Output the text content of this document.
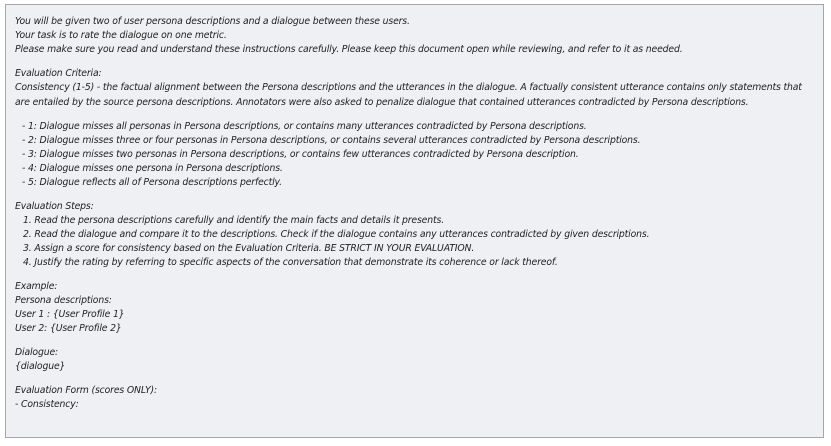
You will be given two of user persona descriptions and a dialogue between these users.
Your task is to rate the dialogue on one metric.
Please make sure you read and understand these instructions carefully. Please keep this document open while reviewing, and refer to it as needed.
Evaluation Criteria:
Consistency (1-5) - the factual alignment between the Persona descriptions and the utterances in the dialogue. A factually consistent utterance contains only statements that are entailed by the source persona descriptions. Annotators were also asked to penalize dialogue that contained utterances contradicted by Persona descriptions.
- 1: Dialogue misses all personas in Persona descriptions, or contains many utterances contradicted by Persona descriptions.
- 2: Dialogue misses three or four personas in Persona descriptions, or contains several utterances contradicted by Persona descriptions.
- 3: Dialogue misses two personas in Persona descriptions, or contains few utterances contradicted by Persona description.
- 4: Dialogue misses one persona in Persona descriptions.
- 5: Dialogue reflects all of Persona descriptions perfectly.
Evaluation Steps:
1. Read the persona descriptions carefully and identify the main facts and details it presents.
2. Read the dialogue and compare it to the descriptions. Check if the dialogue contains any utterances contradicted by given descriptions.
3. Assign a score for consistency based on the Evaluation Criteria. BE STRICT IN YOUR EVALUATION.
4. Justify the rating by referring to specific aspects of the conversation that demonstrate its coherence or lack thereof.
Example:
Persona descriptions:
User 1 : {User Profile 1}
User 2: {User Profile 2}
Dialogue:
{dialogue}
Evaluation Form (scores ONLY):
- Consistency:
